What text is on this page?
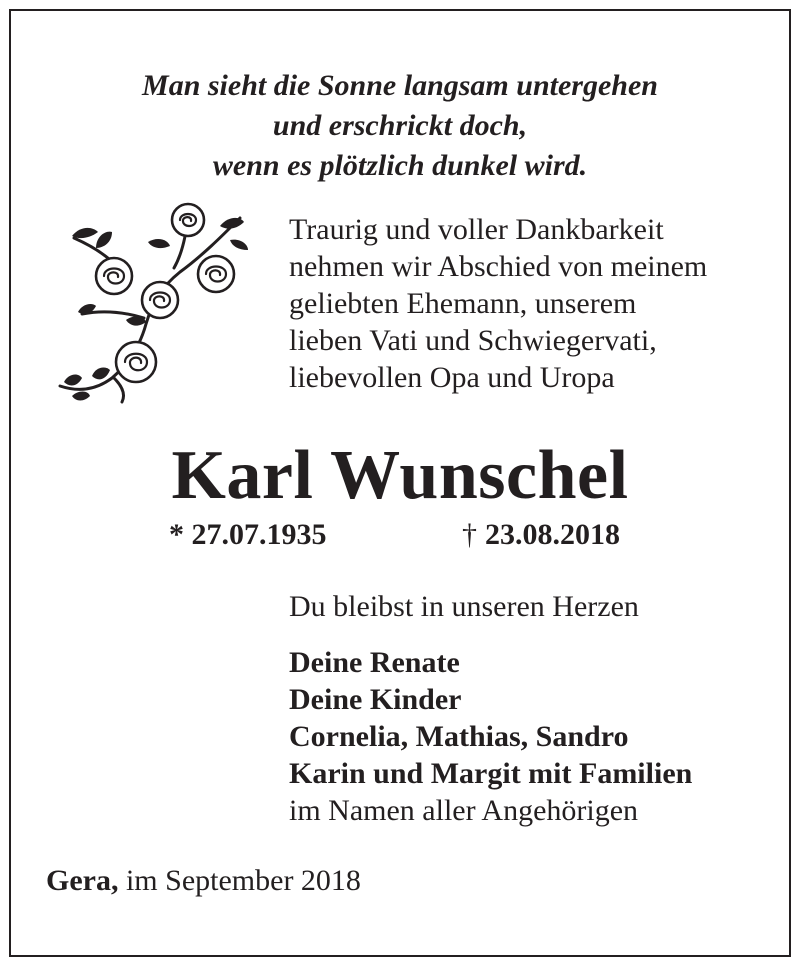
Man sieht die Sonne langsam untergehen
und erschrickt doch,
wenn es plötzlich dunkel wird.
Traurig und voller Dankbarkeit
nehmen wir Abschied von meinem
geliebten Ehemann, unserem
lieben Vati und Schwiegervati,
liebevollen Opa und Uropa
Karl Wunschel
* 27.07.1935	† 23.08.2018
Du bleibst in unseren Herzen
Deine Renate
Deine Kinder
Cornelia, Mathias, Sandro
Karin und Margit mit Familien
im Namen aller Angehörigen
Gera, im September 2018
